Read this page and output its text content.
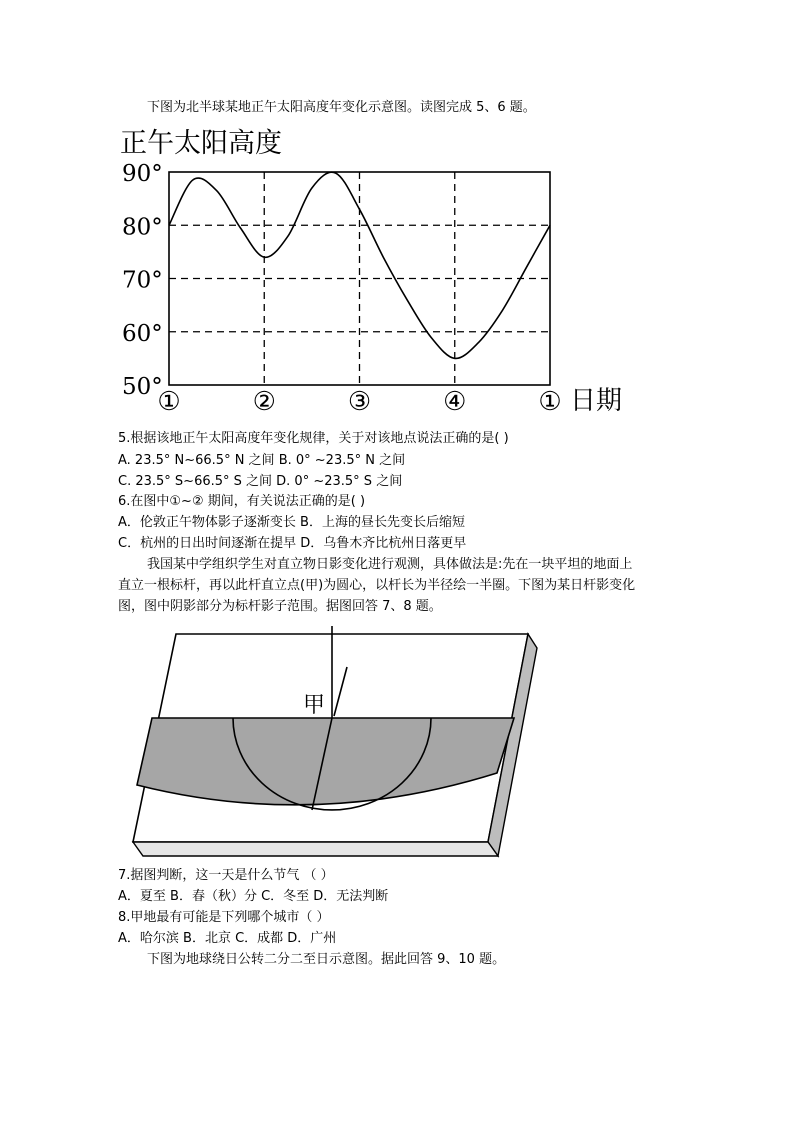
下图为北半球某地正午太阳高度年变化示意图。读图完成 5、6 题。
正午太阳高度
90°
80°
70°
60°
50°
①	②	③	④	① 日期
5.根据该地正午太阳高度年变化规律，关于对该地点说法正确的是( )
A. 23.5° N~66.5° N 之间 B. 0° ~23.5° N 之间
C. 23.5° S~66.5° S 之间 D. 0° ~23.5° S 之间
6.在图中①~② 期间，有关说法正确的是( )
A．伦敦正午物体影子逐渐变长 B．上海的昼长先变长后缩短
C．杭州的日出时间逐渐在提早 D．乌鲁木齐比杭州日落更早
我国某中学组织学生对直立物日影变化进行观测，具体做法是:先在一块平坦的地面上
直立一根标杆，再以此杆直立点(甲)为圆心，以杆长为半径绘一半圈。下图为某日杆影变化
图，图中阴影部分为标杆影子范围。据图回答 7、8 题。
甲
7.据图判断，这一天是什么节气 （ ）
A．夏至 B．春（秋）分 C．冬至 D．无法判断
8.甲地最有可能是下列哪个城市（ ）
A．哈尔滨 B．北京 C．成都 D．广州
下图为地球绕日公转二分二至日示意图。据此回答 9、10 题。
